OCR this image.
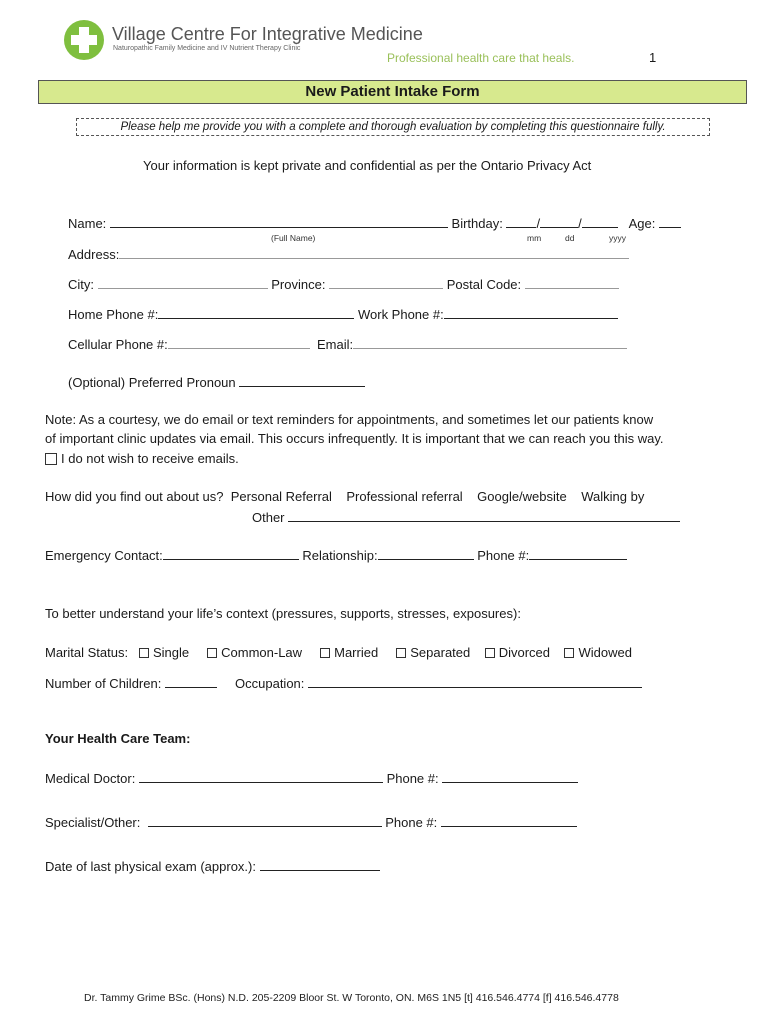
Village Centre For Integrative Medicine
Naturopathic Family Medicine and IV Nutrient Therapy Clinic
Professional health care that heals.	1
New Patient Intake Form
Please help me provide you with a complete and thorough evaluation by completing this questionnaire fully.
Your information is kept private and confidential as per the Ontario Privacy Act
Name:	Birthday:	/	/	Age:
(Full Name)	mm	dd	yyyy
Address:
City:	Province:	Postal Code:
Home Phone #:	Work Phone #:
Cellular Phone #:	Email:
(Optional) Preferred Pronoun
Note: As a courtesy, we do email or text reminders for appointments, and sometimes let our patients know
of important clinic updates via email. This occurs infrequently. It is important that we can reach you this way.
I do not wish to receive emails.
How did you find out about us? Personal Referral Professional referral Google/website Walking by
Other
Emergency Contact:	Relationship:	Phone #:
To better understand your life’s context (pressures, supports, stresses, exposures):
Marital Status: Single Common-Law Married Separated Divorced Widowed
Number of Children:	Occupation:
Your Health Care Team:
Medical Doctor:	Phone #:
Specialist/Other:	Phone #:
Date of last physical exam (approx.):
Dr. Tammy Grime BSc. (Hons) N.D. 205-2209 Bloor St. W Toronto, ON. M6S 1N5 [t] 416.546.4774 [f] 416.546.4778
